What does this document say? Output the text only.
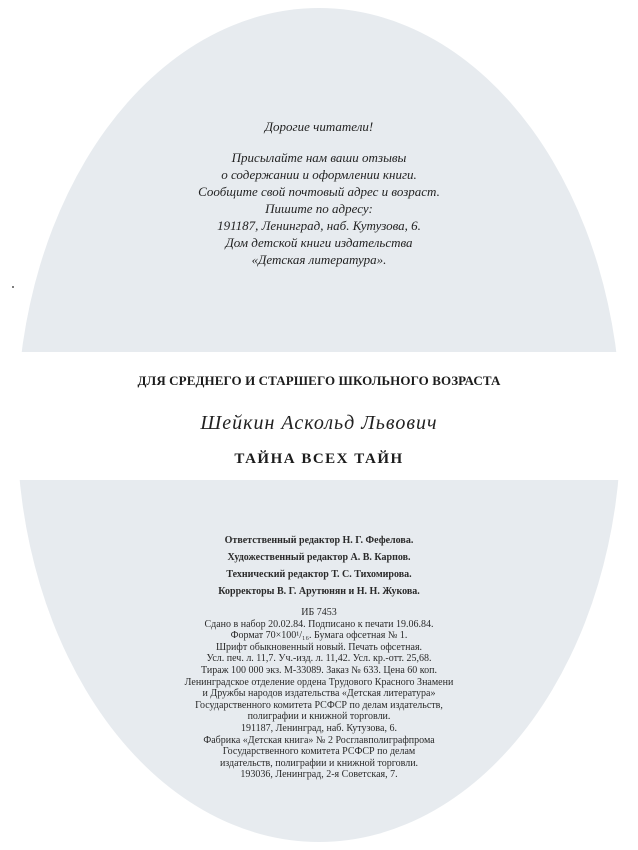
Дорогие читатели!
Присылайте нам ваши отзывы
о содержании и оформлении книги.
Сообщите свой почтовый адрес и возраст.
Пишите по адресу:
191187, Ленинград, наб. Кутузова, 6.
Дом детской книги издательства
«Детская литература».
ДЛЯ СРЕДНЕГО И СТАРШЕГО ШКОЛЬНОГО ВОЗРАСТА
Шейкин Аскольд Львович
ТАЙНА ВСЕХ ТАЙН
Ответственный редактор Н. Г. Фефелова.
Художественный редактор А. В. Карпов.
Технический редактор Т. С. Тихомирова.
Корректоры В. Г. Арутюнян и Н. Н. Жукова.
ИБ 7453
Сдано в набор 20.02.84. Подписано к печати 19.06.84.
Формат 70×100¹/₁₆. Бумага офсетная № 1.
Шрифт обыкновенный новый. Печать офсетная.
Усл. печ. л. 11,7. Уч.-изд. л. 11,42. Усл. кр.-отт. 25,68.
Тираж 100 000 экз. М-33089. Заказ № 633. Цена 60 коп.
Ленинградское отделение ордена Трудового Красного Знамени
и Дружбы народов издательства «Детская литература»
Государственного комитета РСФСР по делам издательств,
полиграфии и книжной торговли.
191187, Ленинград, наб. Кутузова, 6.
Фабрика «Детская книга» № 2 Росглавполиграфпрома
Государственного комитета РСФСР по делам
издательств, полиграфии и книжной торговли.
193036, Ленинград, 2-я Советская, 7.
